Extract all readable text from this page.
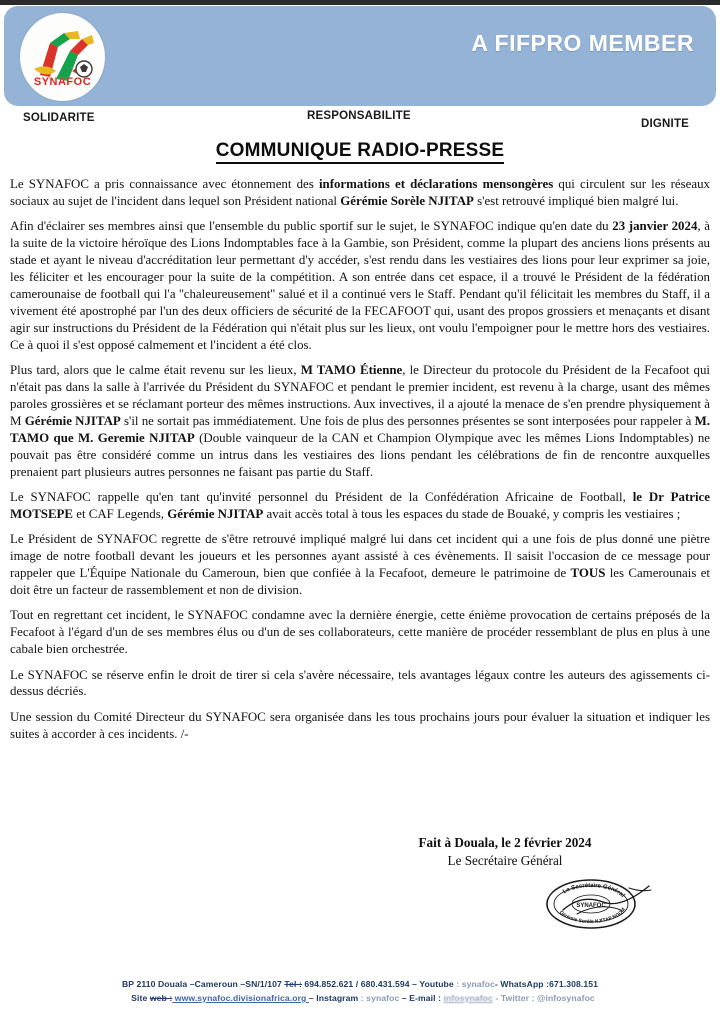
A FIFPRO MEMBER
SYNAFOC
SOLIDARITE	RESPONSABILITE
DIGNITE
COMMUNIQUE RADIO-PRESSE

Le SYNAFOC a pris connaissance avec étonnement des informations et déclarations mensongères qui circulent sur les réseaux sociaux au sujet de l'incident dans lequel son Président national Gérémie Sorèle NJITAP s'est retrouvé impliqué bien malgré lui.

Afin d'éclairer ses membres ainsi que l'ensemble du public sportif sur le sujet, le SYNAFOC indique qu'en date du 23 janvier 2024, à la suite de la victoire héroïque des Lions Indomptables face à la Gambie, son Président, comme la plupart des anciens lions présents au stade et ayant le niveau d'accréditation leur permettant d'y accéder, s'est rendu dans les vestiaires des lions pour leur exprimer sa joie, les féliciter et les encourager pour la suite de la compétition. A son entrée dans cet espace, il a trouvé le Président de la fédération camerounaise de football qui l'a ''chaleureusement'' salué et il a continué vers le Staff. Pendant qu'il félicitait les membres du Staff, il a vivement été apostrophé par l'un des deux officiers de sécurité de la FECAFOOT qui, usant des propos grossiers et menaçants et disant agir sur instructions du Président de la Fédération qui n'était plus sur les lieux, ont voulu l'empoigner pour le mettre hors des vestiaires. Ce à quoi il s'est opposé calmement et l'incident a été clos.

Plus tard, alors que le calme était revenu sur les lieux, M TAMO Étienne, le Directeur du protocole du Président de la Fecafoot qui n'était pas dans la salle à l'arrivée du Président du SYNAFOC et pendant le premier incident, est revenu à la charge, usant des mêmes paroles grossières et se réclamant porteur des mêmes instructions. Aux invectives, il a ajouté la menace de s'en prendre physiquement à M Gérémie NJITAP s'il ne sortait pas immédiatement. Une fois de plus des personnes présentes se sont interposées pour rappeler à M. TAMO que M. Geremie NJITAP (Double vainqueur de la CAN et Champion Olympique avec les mêmes Lions Indomptables) ne pouvait pas être considéré comme un intrus dans les vestiaires des lions pendant les célébrations de fin de rencontre auxquelles prenaient part plusieurs autres personnes ne faisant pas partie du Staff.

Le SYNAFOC rappelle qu'en tant qu'invité personnel du Président de la Confédération Africaine de Football, le Dr Patrice MOTSEPE et CAF Legends, Gérémie NJITAP avait accès total à tous les espaces du stade de Bouaké, y compris les vestiaires ;

Le Président de SYNAFOC regrette de s'être retrouvé impliqué malgré lui dans cet incident qui a une fois de plus donné une piètre image de notre football devant les joueurs et les personnes ayant assisté à ces évènements. Il saisit l'occasion de ce message pour rappeler que L'Équipe Nationale du Cameroun, bien que confiée à la Fecafoot, demeure le patrimoine de TOUS les Camerounais et doit être un facteur de rassemblement et non de division.

Tout en regrettant cet incident, le SYNAFOC condamne avec la dernière énergie, cette énième provocation de certains préposés de la Fecafoot à l'égard d'un de ses membres élus ou d'un de ses collaborateurs, cette manière de procéder ressemblant de plus en plus à une cabale bien orchestrée.

Le SYNAFOC se réserve enfin le droit de tirer si cela s'avère nécessaire, tels avantages légaux contre les auteurs des agissements ci-dessus décriés.

Une session du Comité Directeur du SYNAFOC sera organisée dans les tous prochains jours pour évaluer la situation et indiquer les suites à accorder à ces incidents. /-

Fait à Douala, le 2 février 2024
Le Secrétaire Général
Le Secrétaire Général
Gérémie Sorèle NJITAP NGOM
SYNAFOC
BP 2110 Douala –Cameroun –SN/1/107 Tel : 694.852.621 / 680.431.594 – Youtube : synafoc- WhatsApp :671.308.151
Site web : www.synafoc.divisionafrica.org – Instagram : synafoc – E-mail : infosynafoc - Twitter : @infosynafoc
